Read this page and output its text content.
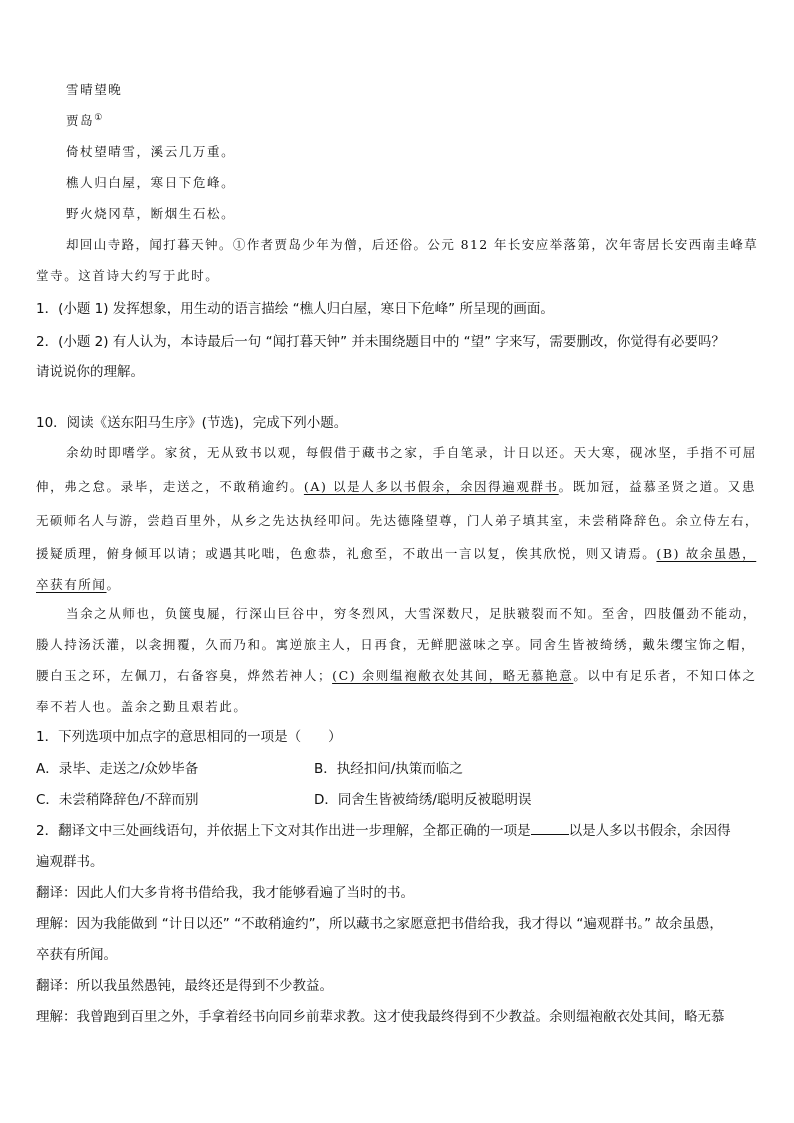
雪晴望晚
贾岛①
倚杖望晴雪，溪云几万重。
樵人归白屋，寒日下危峰。
野火烧冈草，断烟生石松。
却回山寺路，闻打暮天钟。 ①作者贾岛少年为僧，后还俗。公元 812 年长安应举落第，次年寄居长安西南圭峰草
堂寺。这首诗大约写于此时。
1．(小题 1) 发挥想象，用生动的语言描绘 “樵人归白屋，寒日下危峰” 所呈现的画面。
2．(小题 2) 有人认为，本诗最后一句 “闻打暮天钟” 并未围绕题目中的 “望” 字来写，需要删改，你觉得有必要吗？
请说说你的理解。
10．阅读《送东阳马生序》(节选)，完成下列小题。
余幼时即嗜学。家贫，无从致书以观，每假借于藏书之家，手自笔录，计日以还。天大寒，砚冰坚，手指不可屈
伸，弗之怠。录毕，走送之，不敢稍逾约。(A) 以是人多以书假余，余因得遍观群书。既加冠，益慕圣贤之道。又患
无硕师名人与游，尝趋百里外，从乡之先达执经叩问。先达德隆望尊，门人弟子填其室，未尝稍降辞色。余立侍左右，
援疑质理，俯身倾耳以请；或遇其叱咄，色愈恭，礼愈至，不敢出一言以复，俟其欣悦，则又请焉。(B) 故余虽愚，
卒获有所闻。
当余之从师也，负箧曳屣，行深山巨谷中，穷冬烈风，大雪深数尺，足肤皲裂而不知。至舍，四肢僵劲不能动，
媵人持汤沃灌，以衾拥覆，久而乃和。寓逆旅主人，日再食，无鲜肥滋味之享。同舍生皆被绮绣，戴朱缨宝饰之帽，
腰白玉之环，左佩刀，右备容臭，烨然若神人；(C) 余则缊袍敝衣处其间，略无慕艳意。以中有足乐者，不知口体之
奉不若人也。盖余之勤且艰若此。
1．下列选项中加点字的意思相同的一项是（　　）
A．录毕、走送之/众妙毕备	B．执经扣问/执策而临之
C．未尝稍降辞色/不辞而别	D．同舍生皆被绮绣/聪明反被聪明误
2．翻译文中三处画线语句，并依据上下文对其作出进一步理解，全都正确的一项是	以是人多以书假余，余因得
遍观群书。
翻译：因此人们大多肯将书借给我，我才能够看遍了当时的书。
理解：因为我能做到 “计日以还” “不敢稍逾约”，所以藏书之家愿意把书借给我，我才得以 “遍观群书。” 故余虽愚，
卒获有所闻。
翻译：所以我虽然愚钝，最终还是得到不少教益。
理解：我曾跑到百里之外，手拿着经书向同乡前辈求教。这才使我最终得到不少教益。余则缊袍敝衣处其间，略无慕
